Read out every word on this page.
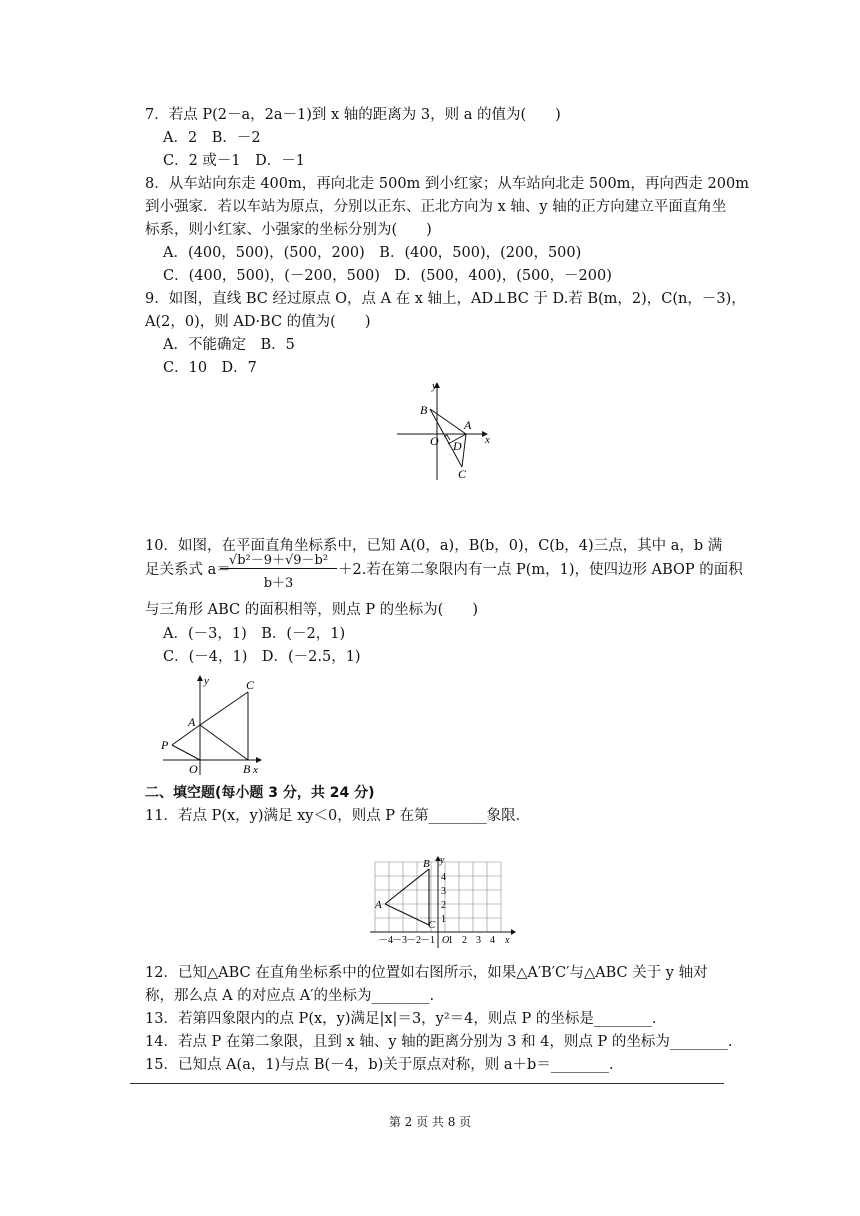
7．若点 P(2－a，2a－1)到 x 轴的距离为 3，则 a 的值为(　　)
A．2　B．－2
C．2 或－1　D．－1
8．从车站向东走 400m，再向北走 500m 到小红家；从车站向北走 500m，再向西走 200m
到小强家．若以车站为原点，分别以正东、正北方向为 x 轴、y 轴的正方向建立平面直角坐
标系，则小红家、小强家的坐标分别为(　　)
A．(400，500)，(500，200)　B．(400，500)，(200，500)
C．(400，500)，(－200，500)　D．(500，400)，(500，－200)
9．如图，直线 BC 经过原点 O，点 A 在 x 轴上，AD⊥BC 于 D.若 B(m，2)，C(n，－3)，
A(2，0)，则 AD·BC 的值为(　　)
A．不能确定　B．5
C．10　D．7
y
x
B
A
O D
C
10．如图，在平面直角坐标系中，已知 A(0，a)，B(b，0)，C(b，4)三点，其中 a，b 满
足关系式 a＝
√b²－9＋√9－b²
b＋3
＋2.若在第二象限内有一点 P(m，1)，使四边形 ABOP 的面积
与三角形 ABC 的面积相等，则点 P 的坐标为(　　)
A．(－3，1)　B．(－2，1)
C．(－4，1)　D．(－2.5，1)
y	C
A
P
O	B x
二、填空题(每小题 3 分，共 24 分)
11．若点 P(x，y)满足 xy＜0，则点 P 在第________象限．
A
B
C
y
x
O
－4 －3 －2 －1 1 2 3 4
1
2
3
4
12．已知△ABC 在直角坐标系中的位置如右图所示，如果△A′B′C′与△ABC 关于 y 轴对
称，那么点 A 的对应点 A′的坐标为________.
13．若第四象限内的点 P(x，y)满足|x|＝3，y²＝4，则点 P 的坐标是________.
14．若点 P 在第二象限，且到 x 轴、y 轴的距离分别为 3 和 4，则点 P 的坐标为________.
15．已知点 A(a，1)与点 B(－4，b)关于原点对称，则 a＋b＝________.
第 2 页 共 8 页
